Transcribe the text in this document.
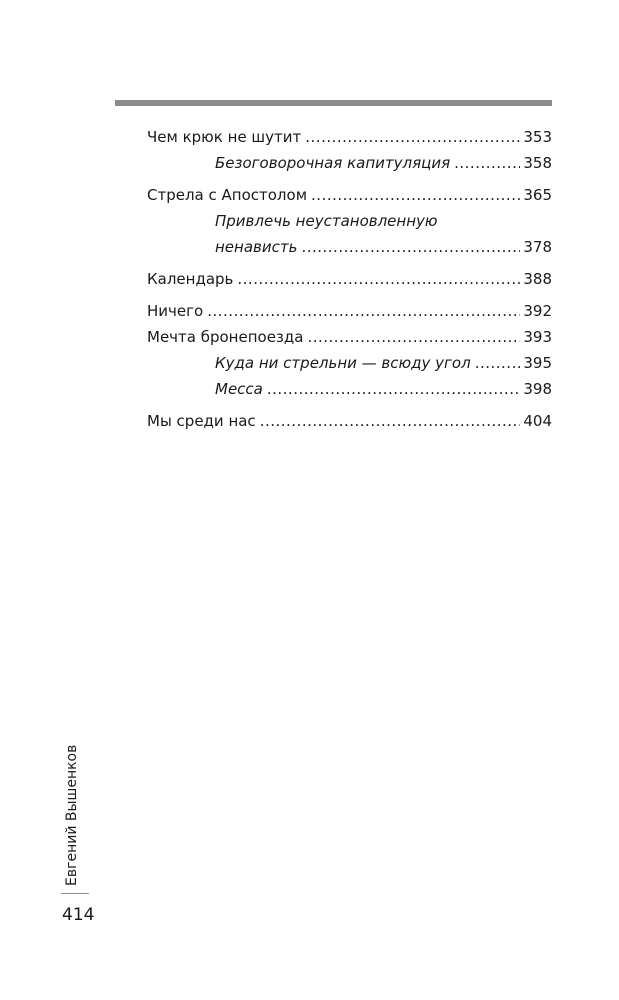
Чем крюк не шутит .....	353
Безоговорочная капитуляция .....	358
Стрела с Апостолом .....	365
Привлечь неустановленную
ненависть .....	378
Календарь .....	388
Ничего .....	392
Мечта бронепоезда .....	393
Куда ни стрельни — всюду угол .....	395
Месса .....	398
Мы среди нас .....	404
Евгений Вышенков
414
